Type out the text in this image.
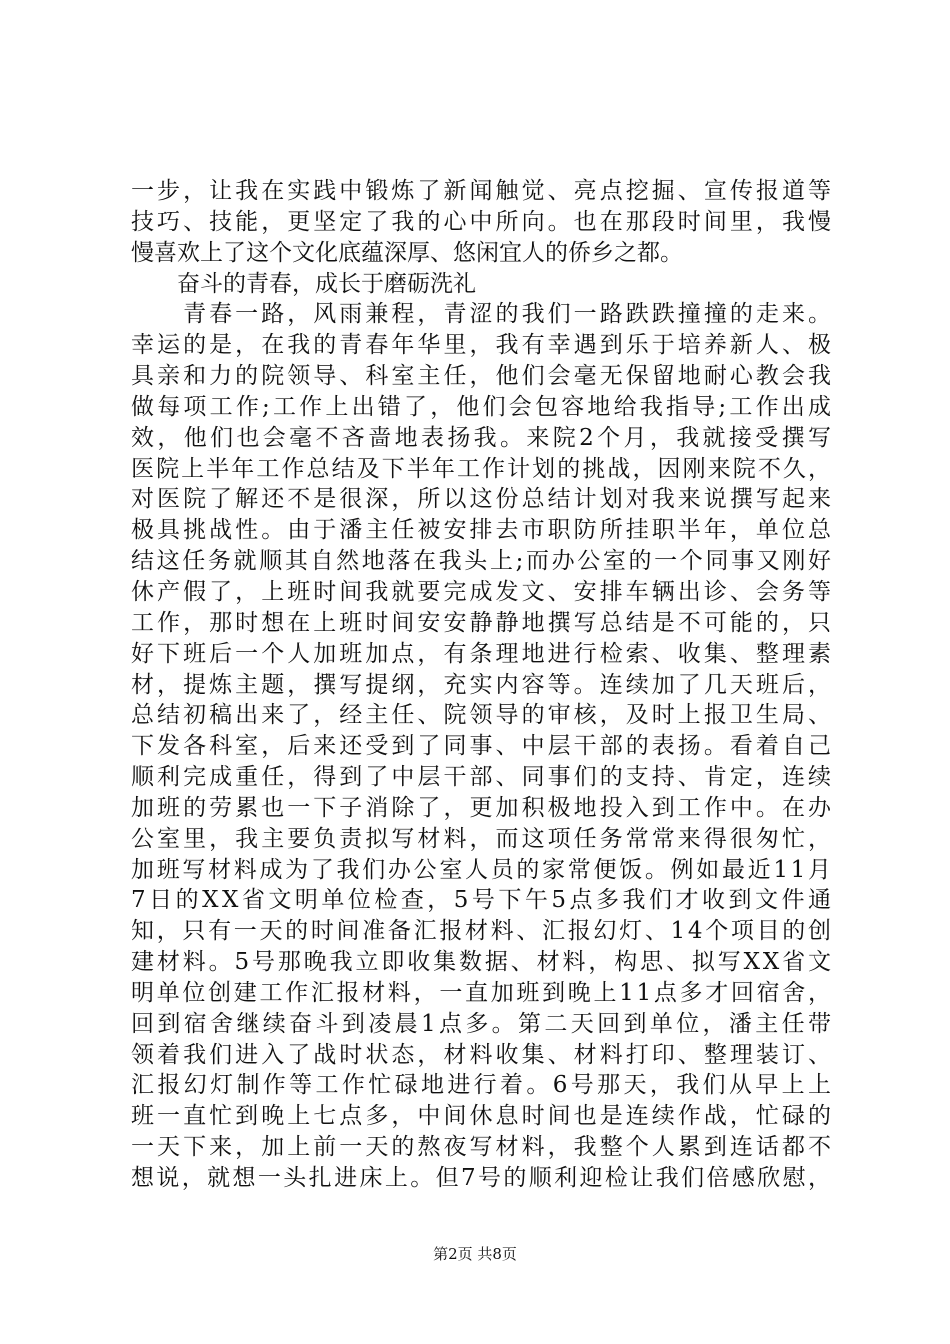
一步，让我在实践中锻炼了新闻触觉、亮点挖掘、宣传报道等
技巧、技能，更坚定了我的心中所向。也在那段时间里，我慢
慢喜欢上了这个文化底蕴深厚、悠闲宜人的侨乡之都。
　　奋斗的青春，成长于磨砺洗礼
　　青春一路，风雨兼程，青涩的我们一路跌跌撞撞的走来。
幸运的是，在我的青春年华里，我有幸遇到乐于培养新人、极
具亲和力的院领导、科室主任，他们会毫无保留地耐心教会我
做每项工作;工作上出错了，他们会包容地给我指导;工作出成
效，他们也会毫不吝啬地表扬我。来院2个月，我就接受撰写
医院上半年工作总结及下半年工作计划的挑战，因刚来院不久，
对医院了解还不是很深，所以这份总结计划对我来说撰写起来
极具挑战性。由于潘主任被安排去市职防所挂职半年，单位总
结这任务就顺其自然地落在我头上;而办公室的一个同事又刚好
休产假了，上班时间我就要完成发文、安排车辆出诊、会务等
工作，那时想在上班时间安安静静地撰写总结是不可能的，只
好下班后一个人加班加点，有条理地进行检索、收集、整理素
材，提炼主题，撰写提纲，充实内容等。连续加了几天班后，
总结初稿出来了，经主任、院领导的审核，及时上报卫生局、
下发各科室，后来还受到了同事、中层干部的表扬。看着自己
顺利完成重任，得到了中层干部、同事们的支持、肯定，连续
加班的劳累也一下子消除了，更加积极地投入到工作中。在办
公室里，我主要负责拟写材料，而这项任务常常来得很匆忙，
加班写材料成为了我们办公室人员的家常便饭。例如最近11月
7日的XX省文明单位检查，5号下午5点多我们才收到文件通
知，只有一天的时间准备汇报材料、汇报幻灯、14个项目的创
建材料。5号那晚我立即收集数据、材料，构思、拟写XX省文
明单位创建工作汇报材料，一直加班到晚上11点多才回宿舍，
回到宿舍继续奋斗到凌晨1点多。第二天回到单位，潘主任带
领着我们进入了战时状态，材料收集、材料打印、整理装订、
汇报幻灯制作等工作忙碌地进行着。6号那天，我们从早上上
班一直忙到晚上七点多，中间休息时间也是连续作战，忙碌的
一天下来，加上前一天的熬夜写材料，我整个人累到连话都不
想说，就想一头扎进床上。但7号的顺利迎检让我们倍感欣慰，
第2页 共8页
